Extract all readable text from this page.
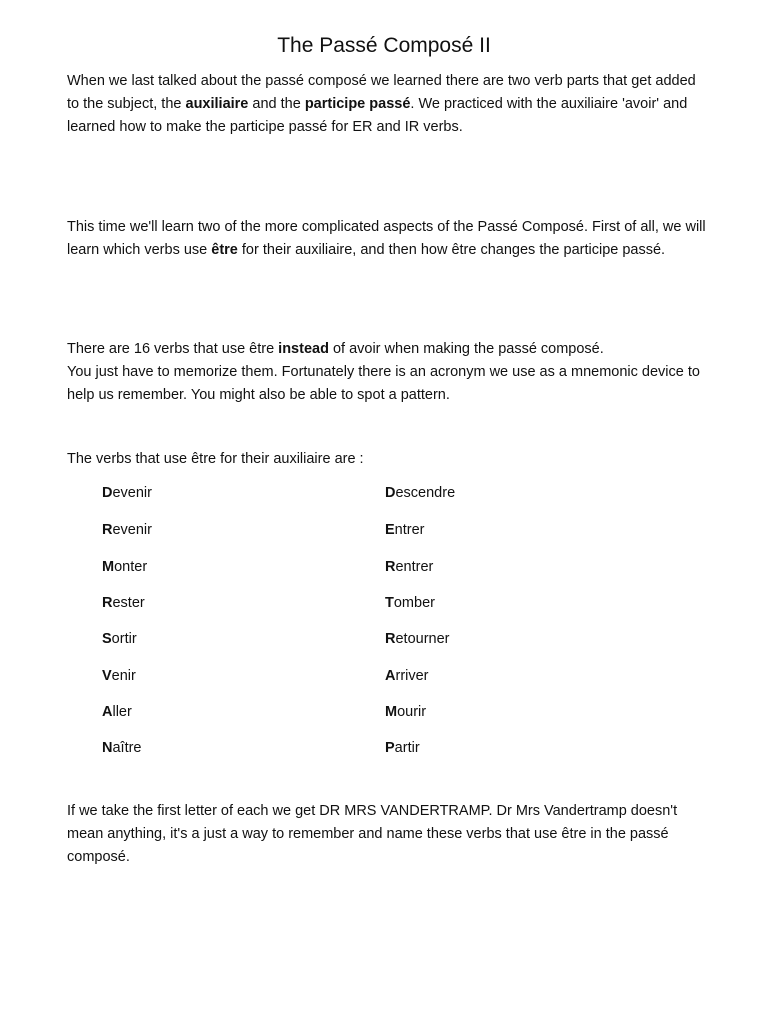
The Passé Composé II

When we last talked about the passé composé we learned there are two verb parts that get added to the subject, the auxiliaire and the participe passé. We practiced with the auxiliaire 'avoir' and learned how to make the participe passé for ER and IR verbs.

This time we'll learn two of the more complicated aspects of the Passé Composé. First of all, we will learn which verbs use être for their auxiliaire, and then how être changes the participe passé.

There are 16 verbs that use être instead of avoir when making the passé composé.
You just have to memorize them. Fortunately there is an acronym we use as a mnemonic device to help us remember. You might also be able to spot a pattern.

The verbs that use être for their auxiliaire are :

Devenir
Revenir
Monter
Rester
Sortir
Venir
Aller
Naître
Descendre
Entrer
Rentrer
Tomber
Retourner
Arriver
Mourir
Partir

If we take the first letter of each we get DR MRS VANDERTRAMP. Dr Mrs Vandertramp doesn't mean anything, it's a just a way to remember and name these verbs that use être in the passé composé.
